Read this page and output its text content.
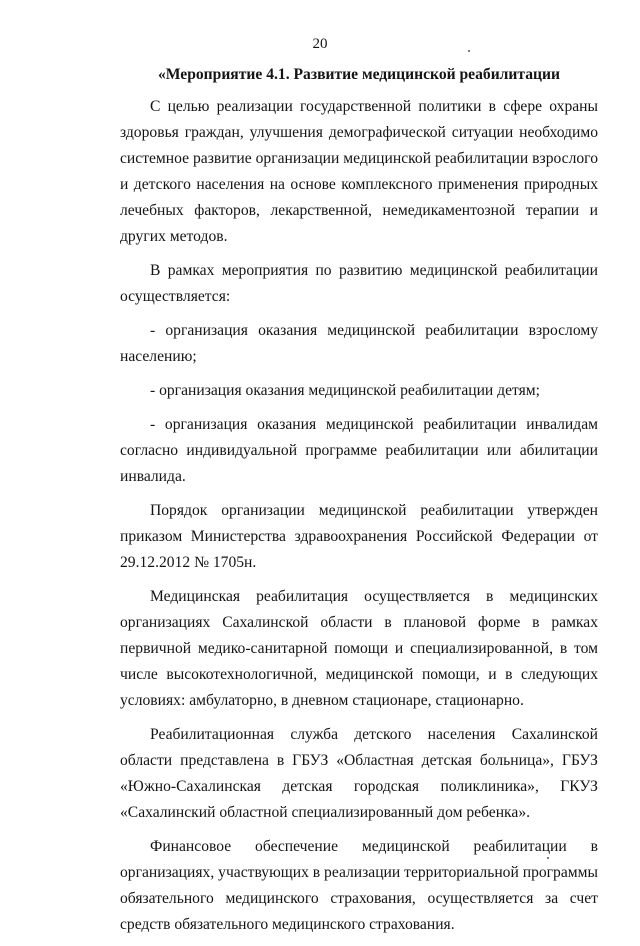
20

«Мероприятие 4.1. Развитие медицинской реабилитации

С целью реализации государственной политики в сфере охраны здоровья граждан, улучшения демографической ситуации необходимо системное развитие организации медицинской реабилитации взрослого и детского населения на основе комплексного применения природных лечебных факторов, лекарственной, немедикаментозной терапии и других методов.

В рамках мероприятия по развитию медицинской реабилитации осуществляется:

- организация оказания медицинской реабилитации взрослому населению;

- организация оказания медицинской реабилитации детям;

- организация оказания медицинской реабилитации инвалидам согласно индивидуальной программе реабилитации или абилитации инвалида.

Порядок организации медицинской реабилитации утвержден приказом Министерства здравоохранения Российской Федерации от 29.12.2012 № 1705н.

Медицинская реабилитация осуществляется в медицинских организациях Сахалинской области в плановой форме в рамках первичной медико-санитарной помощи и специализированной, в том числе высокотехнологичной, медицинской помощи, и в следующих условиях: амбулаторно, в дневном стационаре, стационарно.

Реабилитационная служба детского населения Сахалинской области представлена в ГБУЗ «Областная детская больница», ГБУЗ «Южно-Сахалинская детская городская поликлиника», ГКУЗ «Сахалинский областной специализированный дом ребенка».

Финансовое обеспечение медицинской реабилитации в организациях, участвующих в реализации территориальной программы обязательного медицинского страхования, осуществляется за счет средств обязательного медицинского страхования.
